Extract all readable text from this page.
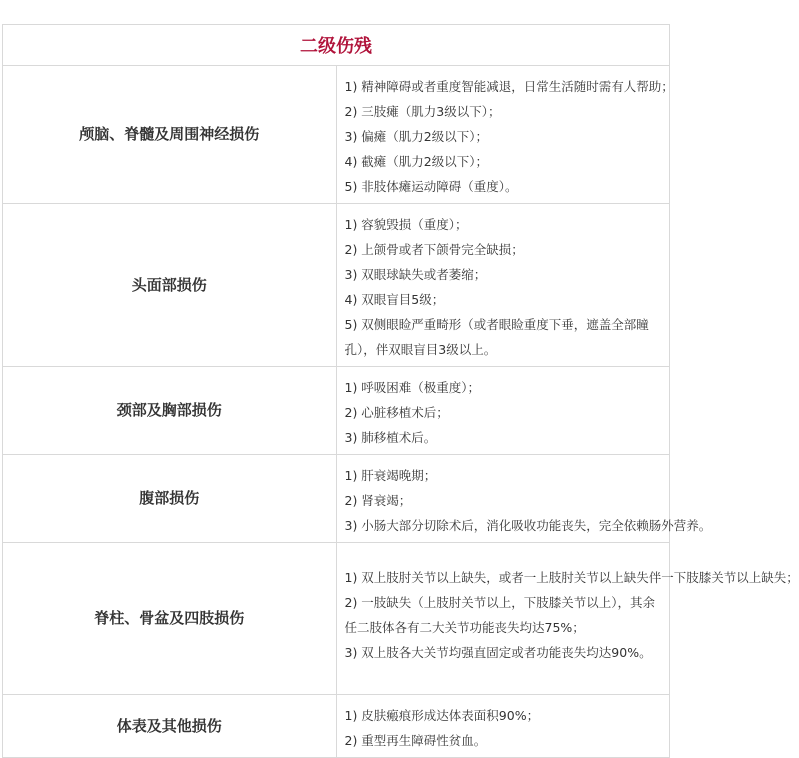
二级伤残	

颅脑、脊髓及周围神经损伤	1) 精神障碍或者重度智能减退，日常生活随时需有人帮助；
2) 三肢瘫（肌力3级以下）；
3) 偏瘫（肌力2级以下）；
4) 截瘫（肌力2级以下）；
5) 非肢体瘫运动障碍（重度）。

头面部损伤	1) 容貌毁损（重度）；
2) 上颌骨或者下颌骨完全缺损；
3) 双眼球缺失或者萎缩；
4) 双眼盲目5级；
5) 双侧眼睑严重畸形（或者眼睑重度下垂，遮盖全部瞳孔），伴双眼盲目3级以上。

颈部及胸部损伤	1) 呼吸困难（极重度）；
2) 心脏移植术后；
3) 肺移植术后。

腹部损伤	1) 肝衰竭晚期；
2) 肾衰竭；
3) 小肠大部分切除术后，消化吸收功能丧失，完全依赖肠外营养。

脊柱、骨盆及四肢损伤	1) 双上肢肘关节以上缺失，或者一上肢肘关节以上缺失伴一下肢膝关节以上缺失；
2) 一肢缺失（上肢肘关节以上，下肢膝关节以上），其余任二肢体各有二大关节功能丧失均达75%；
3) 双上肢各大关节均强直固定或者功能丧失均达90%。

体表及其他损伤	1) 皮肤瘢痕形成达体表面积90%；
2) 重型再生障碍性贫血。
